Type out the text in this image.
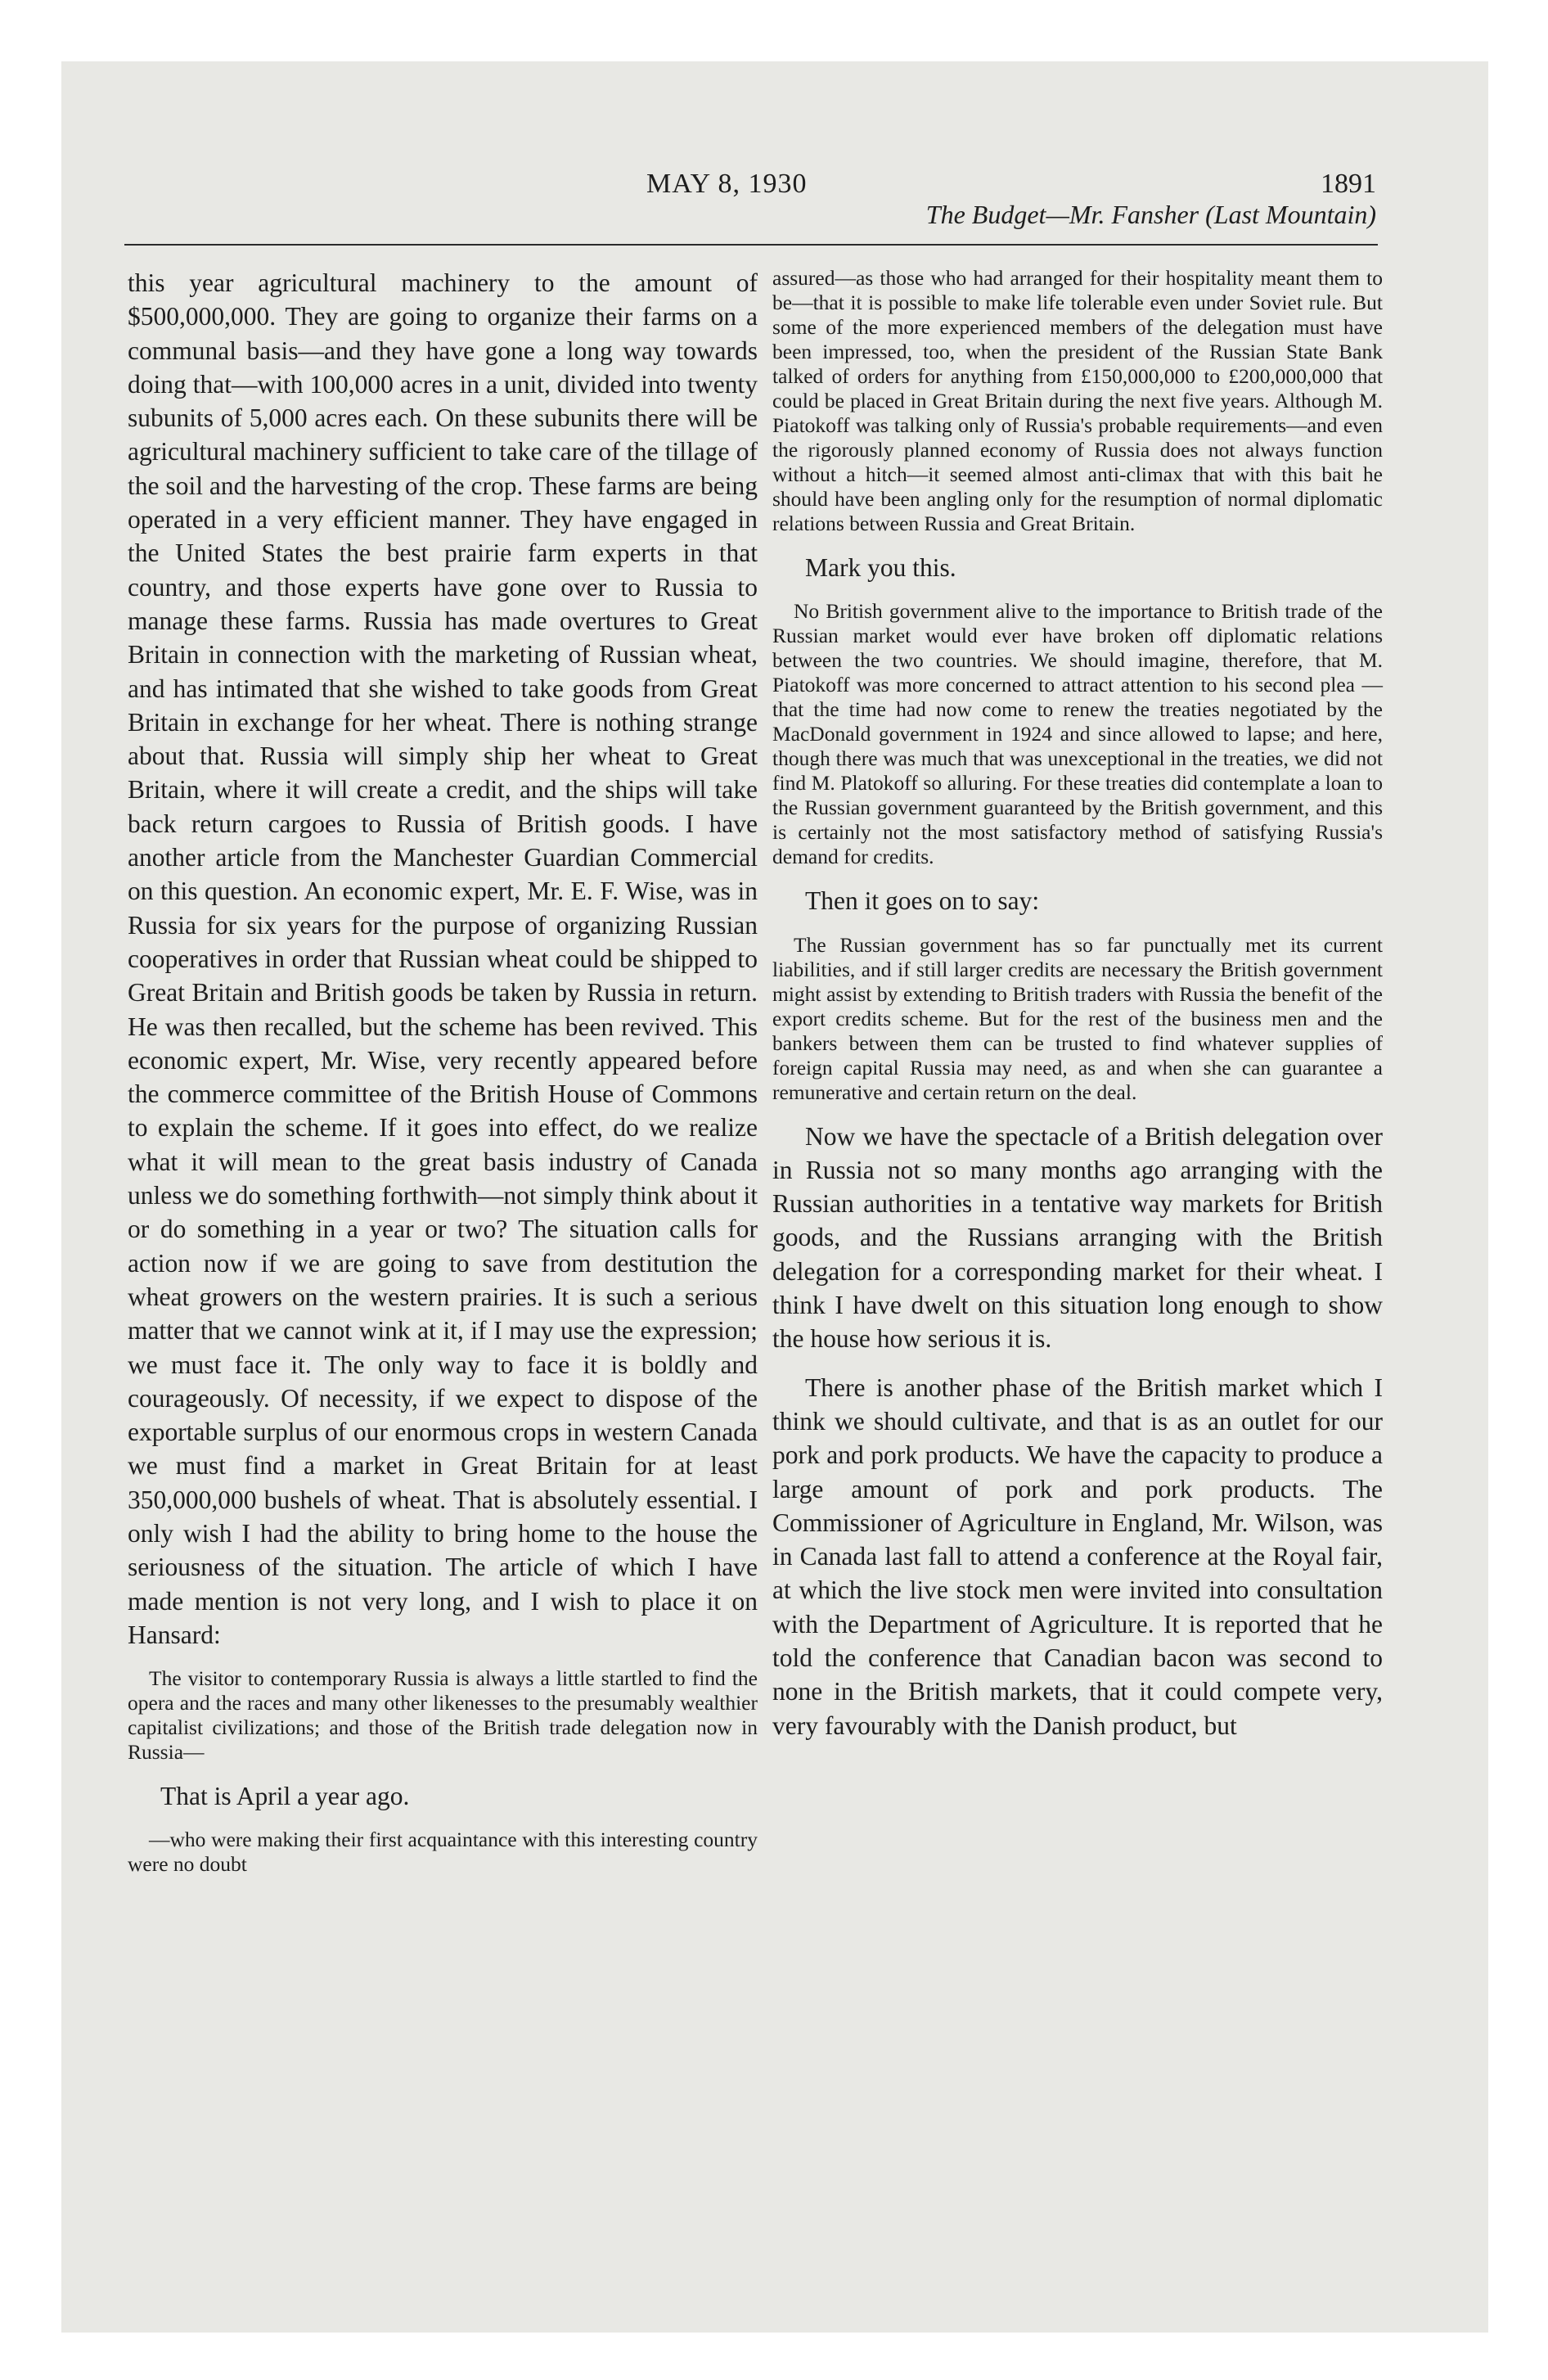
MAY 8, 1930	1891
The Budget—Mr. Fansher (Last Mountain)

this year agricultural machinery to the amount of $500,000,000. They are going to organize their farms on a communal basis—and they have gone a long way towards doing that—with 100,000 acres in a unit, divided into twenty subunits of 5,000 acres each. On these subunits there will be agricultural machinery sufficient to take care of the tillage of the soil and the harvesting of the crop. These farms are being operated in a very efficient manner. They have engaged in the United States the best prairie farm experts in that country, and those experts have gone over to Russia to manage these farms. Russia has made overtures to Great Britain in connection with the marketing of Russian wheat, and has intimated that she wished to take goods from Great Britain in exchange for her wheat. There is nothing strange about that. Russia will simply ship her wheat to Great Britain, where it will create a credit, and the ships will take back return cargoes to Russia of British goods. I have another article from the Manchester Guardian Commercial on this question. An economic expert, Mr. E. F. Wise, was in Russia for six years for the purpose of organizing Russian cooperatives in order that Russian wheat could be shipped to Great Britain and British goods be taken by Russia in return. He was then recalled, but the scheme has been revived. This economic expert, Mr. Wise, very recently appeared before the commerce committee of the British House of Commons to explain the scheme. If it goes into effect, do we realize what it will mean to the great basis industry of Canada unless we do something forthwith—not simply think about it or do something in a year or two? The situation calls for action now if we are going to save from destitution the wheat growers on the western prairies. It is such a serious matter that we cannot wink at it, if I may use the expression; we must face it. The only way to face it is boldly and courageously. Of necessity, if we expect to dispose of the exportable surplus of our enormous crops in western Canada we must find a market in Great Britain for at least 350,000,000 bushels of wheat. That is absolutely essential. I only wish I had the ability to bring home to the house the seriousness of the situation. The article of which I have made mention is not very long, and I wish to place it on Hansard:

The visitor to contemporary Russia is always a little startled to find the opera and the races and many other likenesses to the presumably wealthier capitalist civilizations; and those of the British trade delegation now in Russia—

That is April a year ago.

—who were making their first acquaintance with this interesting country were no doubt

assured—as those who had arranged for their hospitality meant them to be—that it is possible to make life tolerable even under Soviet rule. But some of the more experienced members of the delegation must have been impressed, too, when the president of the Russian State Bank talked of orders for anything from £150,000,000 to £200,000,000 that could be placed in Great Britain during the next five years. Although M. Piatokoff was talking only of Russia's probable requirements—and even the rigorously planned economy of Russia does not always function without a hitch—it seemed almost anti-climax that with this bait he should have been angling only for the resumption of normal diplomatic relations between Russia and Great Britain.

Mark you this.

No British government alive to the importance to British trade of the Russian market would ever have broken off diplomatic relations between the two countries. We should imagine, therefore, that M. Piatokoff was more concerned to attract attention to his second plea —that the time had now come to renew the treaties negotiated by the MacDonald government in 1924 and since allowed to lapse; and here, though there was much that was unexceptional in the treaties, we did not find M. Platokoff so alluring. For these treaties did contemplate a loan to the Russian government guaranteed by the British government, and this is certainly not the most satisfactory method of satisfying Russia's demand for credits.

Then it goes on to say:

The Russian government has so far punctually met its current liabilities, and if still larger credits are necessary the British government might assist by extending to British traders with Russia the benefit of the export credits scheme. But for the rest of the business men and the bankers between them can be trusted to find whatever supplies of foreign capital Russia may need, as and when she can guarantee a remunerative and certain return on the deal.

Now we have the spectacle of a British delegation over in Russia not so many months ago arranging with the Russian authorities in a tentative way markets for British goods, and the Russians arranging with the British delegation for a corresponding market for their wheat. I think I have dwelt on this situation long enough to show the house how serious it is.

There is another phase of the British market which I think we should cultivate, and that is as an outlet for our pork and pork products. We have the capacity to produce a large amount of pork and pork products. The Commissioner of Agriculture in England, Mr. Wilson, was in Canada last fall to attend a conference at the Royal fair, at which the live stock men were invited into consultation with the Department of Agriculture. It is reported that he told the conference that Canadian bacon was second to none in the British markets, that it could compete very, very favourably with the Danish product, but
